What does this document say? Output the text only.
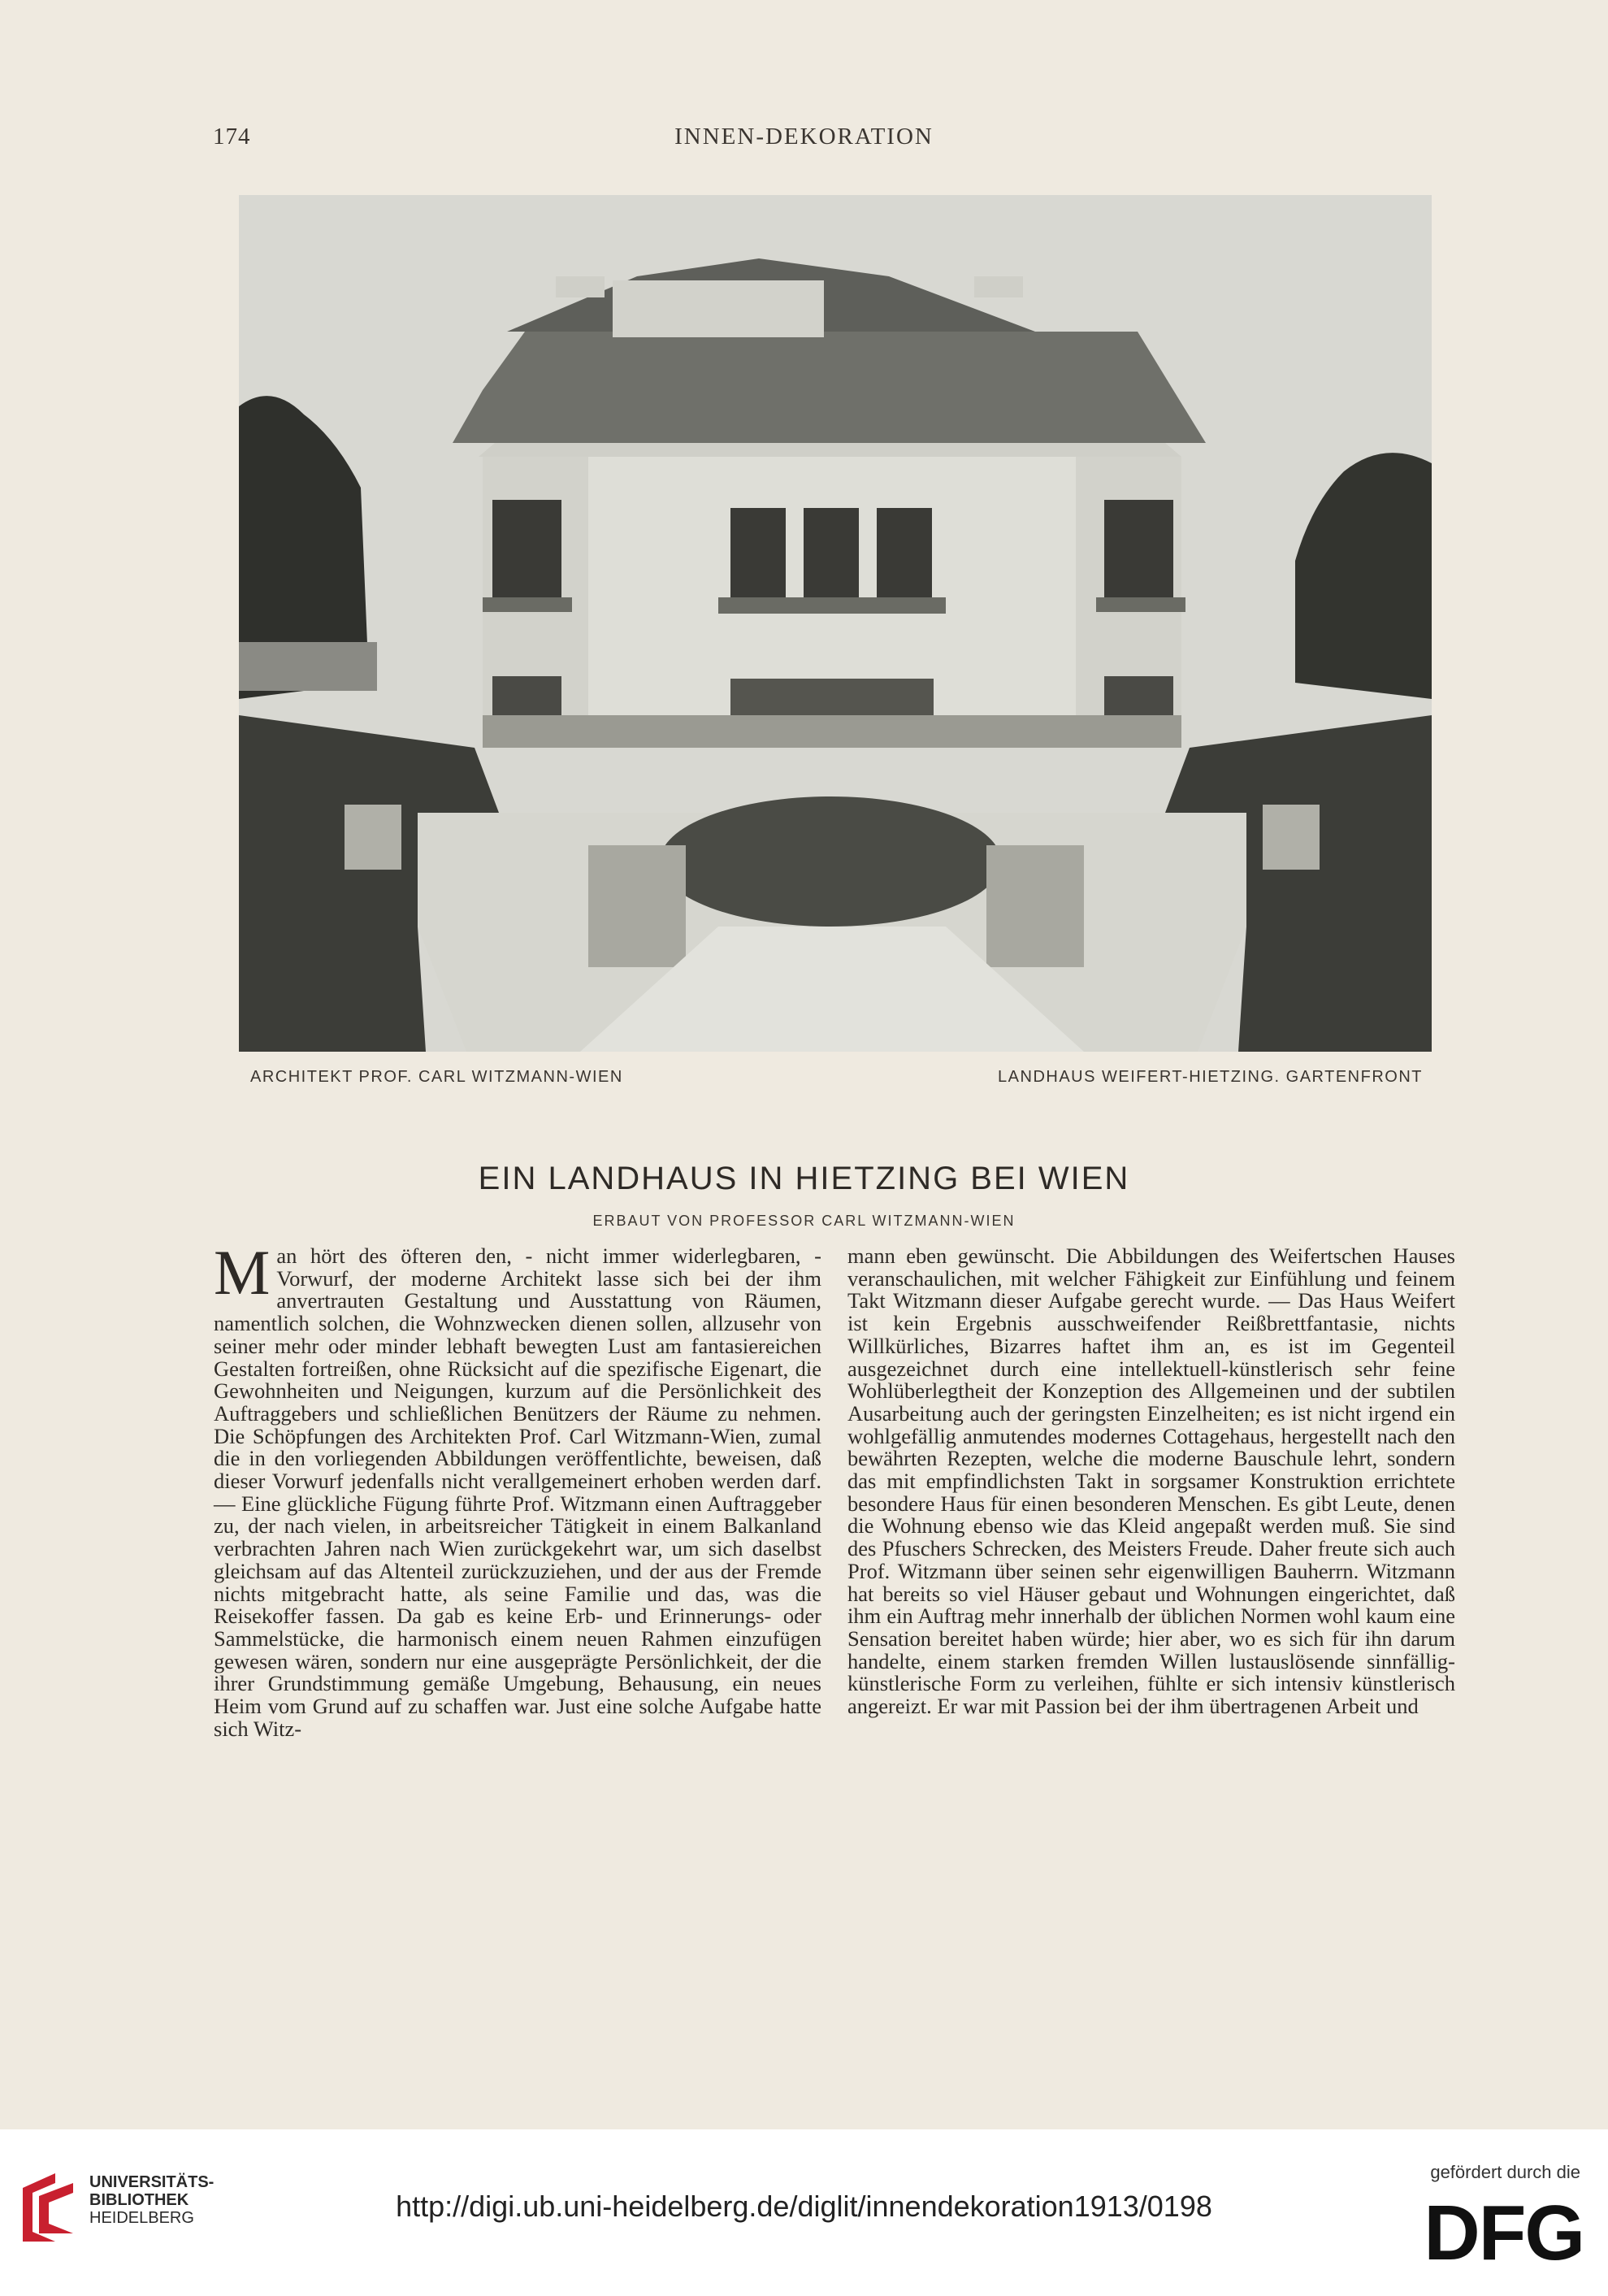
174	INNEN-DEKORATION
ARCHITEKT PROF. CARL WITZMANN-WIEN	LANDHAUS WEIFERT-HIETZING. GARTENFRONT
EIN LANDHAUS IN HIETZING BEI WIEN
ERBAUT VON PROFESSOR CARL WITZMANN-WIEN

Man hört des öfteren den, - nicht immer widerlegbaren, - Vorwurf, der moderne Architekt lasse sich bei der ihm anvertrauten Gestaltung und Ausstattung von Räumen, namentlich solchen, die Wohnzwecken dienen sollen, allzusehr von seiner mehr oder minder lebhaft bewegten Lust am fantasiereichen Gestalten fortreißen, ohne Rücksicht auf die spezifische Eigenart, die Gewohnheiten und Neigungen, kurzum auf die Persönlichkeit des Auftraggebers und schließlichen Benützers der Räume zu nehmen. Die Schöpfungen des Architekten Prof. Carl Witzmann-Wien, zumal die in den vorliegenden Abbildungen veröffentlichte, beweisen, daß dieser Vorwurf jedenfalls nicht verallgemeinert erhoben werden darf. — Eine glückliche Fügung führte Prof. Witzmann einen Auftraggeber zu, der nach vielen, in arbeitsreicher Tätigkeit in einem Balkanland verbrachten Jahren nach Wien zurückgekehrt war, um sich daselbst gleichsam auf das Altenteil zurückzuziehen, und der aus der Fremde nichts mitgebracht hatte, als seine Familie und das, was die Reisekoffer fassen. Da gab es keine Erb- und Erinnerungs- oder Sammelstücke, die harmonisch einem neuen Rahmen einzufügen gewesen wären, sondern nur eine ausgeprägte Persönlichkeit, der die ihrer Grundstimmung gemäße Umgebung, Behausung, ein neues Heim vom Grund auf zu schaffen war. Just eine solche Aufgabe hatte sich Witz-

mann eben gewünscht. Die Abbildungen des Weifertschen Hauses veranschaulichen, mit welcher Fähigkeit zur Einfühlung und feinem Takt Witzmann dieser Aufgabe gerecht wurde. — Das Haus Weifert ist kein Ergebnis ausschweifender Reißbrettfantasie, nichts Willkürliches, Bizarres haftet ihm an, es ist im Gegenteil ausgezeichnet durch eine intellektuell-künstlerisch sehr feine Wohlüberlegtheit der Konzeption des Allgemeinen und der subtilen Ausarbeitung auch der geringsten Einzelheiten; es ist nicht irgend ein wohlgefällig anmutendes modernes Cottagehaus, hergestellt nach den bewährten Rezepten, welche die moderne Bauschule lehrt, sondern das mit empfindlichsten Takt in sorgsamer Konstruktion errichtete besondere Haus für einen besonderen Menschen. Es gibt Leute, denen die Wohnung ebenso wie das Kleid angepaßt werden muß. Sie sind des Pfuschers Schrecken, des Meisters Freude. Daher freute sich auch Prof. Witzmann über seinen sehr eigenwilligen Bauherrn. Witzmann hat bereits so viel Häuser gebaut und Wohnungen eingerichtet, daß ihm ein Auftrag mehr innerhalb der üblichen Normen wohl kaum eine Sensation bereitet haben würde; hier aber, wo es sich für ihn darum handelte, einem starken fremden Willen lustauslösende sinnfällig-künstlerische Form zu verleihen, fühlte er sich intensiv künstlerisch angereizt. Er war mit Passion bei der ihm übertragenen Arbeit und

UNIVERSITÄTS-
BIBLIOTHEK
HEIDELBERG	http://digi.ub.uni-heidelberg.de/diglit/innendekoration1913/0198
gefördert durch die
DFG
